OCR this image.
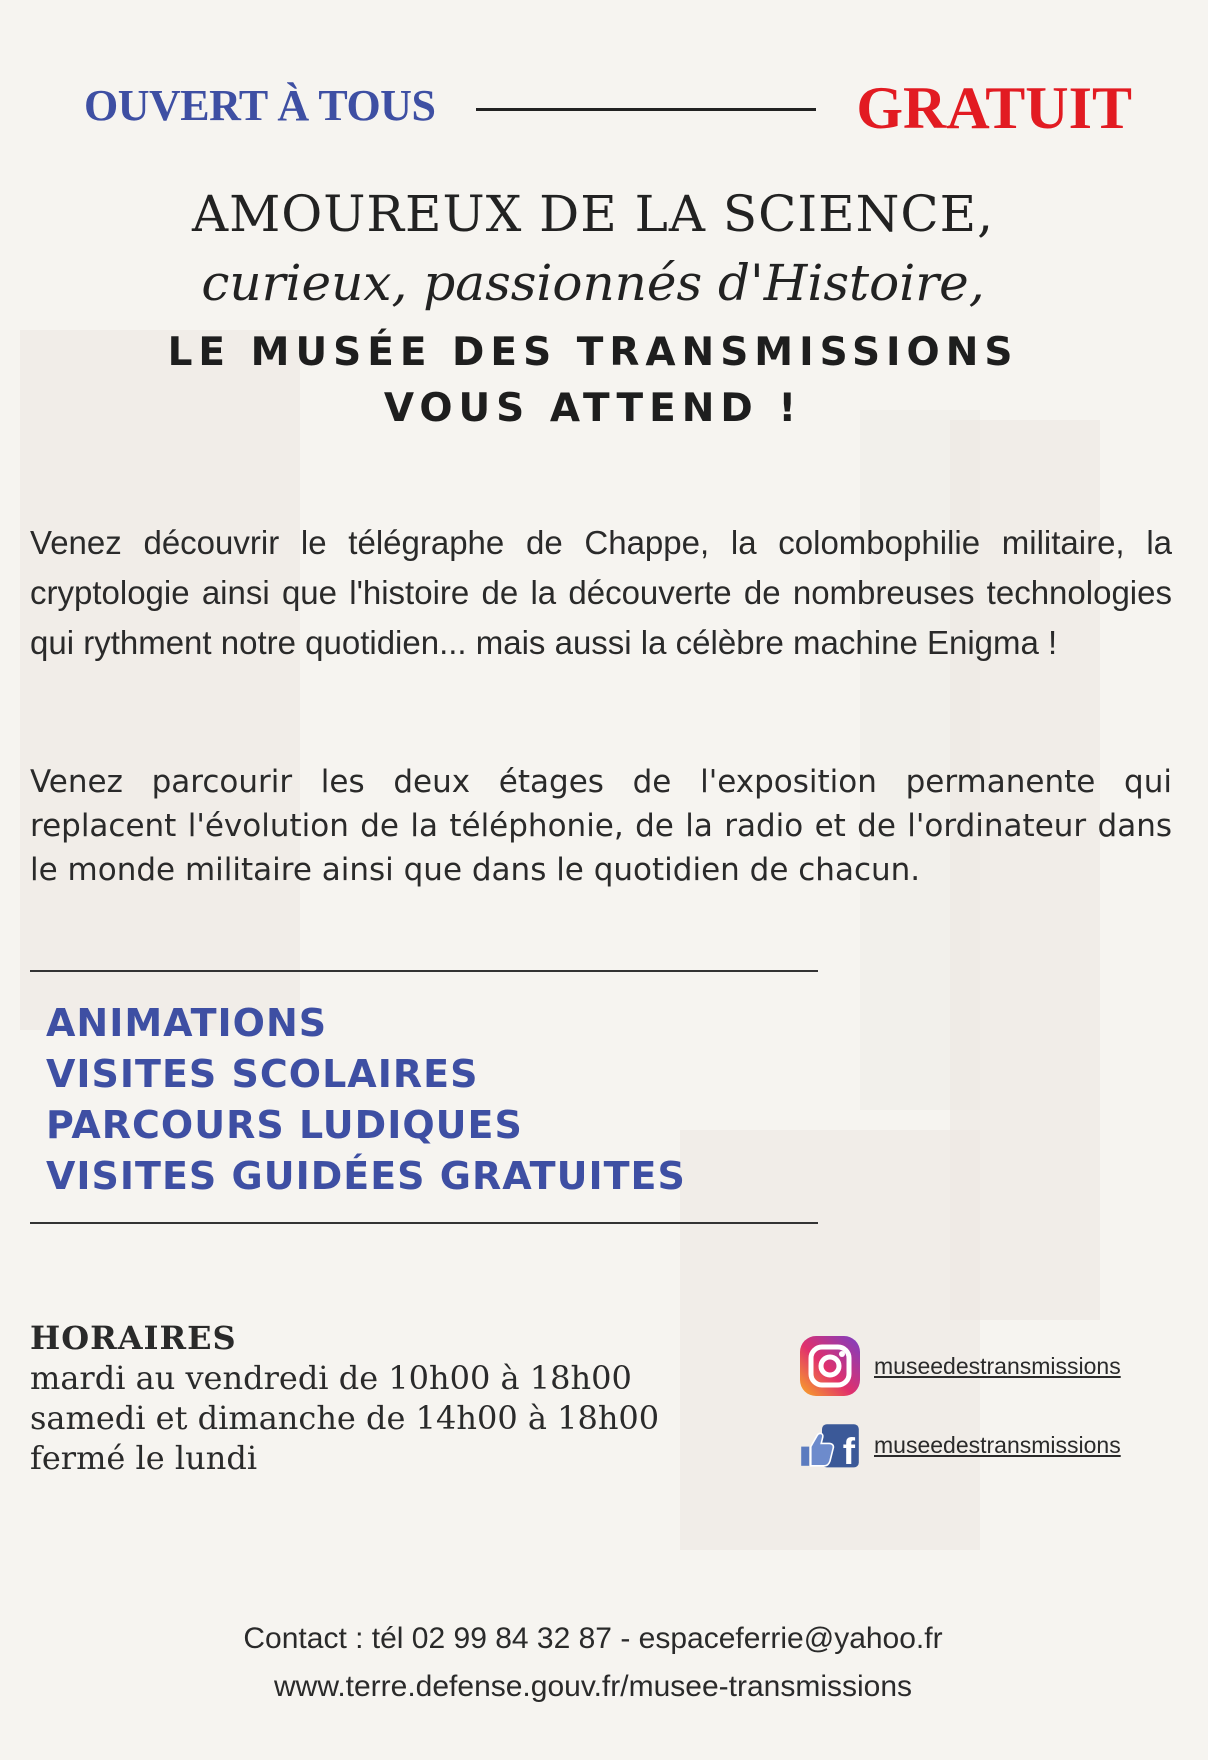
OUVERT À TOUS	GRATUIT
AMOUREUX DE LA SCIENCE,
curieux, passionnés d'Histoire,
LE MUSÉE DES TRANSMISSIONS
VOUS ATTEND !
Venez découvrir le télégraphe de Chappe, la colombophilie militaire, la cryptologie ainsi que l'histoire de la découverte de nombreuses technologies qui rythment notre quotidien... mais aussi la célèbre machine Enigma !
Venez parcourir les deux étages de l'exposition permanente qui replacent l'évolution de la téléphonie, de la radio et de l'ordinateur dans le monde militaire ainsi que dans le quotidien de chacun.
ANIMATIONS
VISITES SCOLAIRES
PARCOURS LUDIQUES
VISITES GUIDÉES GRATUITES
HORAIRES
mardi au vendredi de 10h00 à 18h00
samedi et dimanche de 14h00 à 18h00
fermé le lundi
museedestransmissions
f museedestransmissions
Contact : tél 02 99 84 32 87 - espaceferrie@yahoo.fr
www.terre.defense.gouv.fr/musee-transmissions
